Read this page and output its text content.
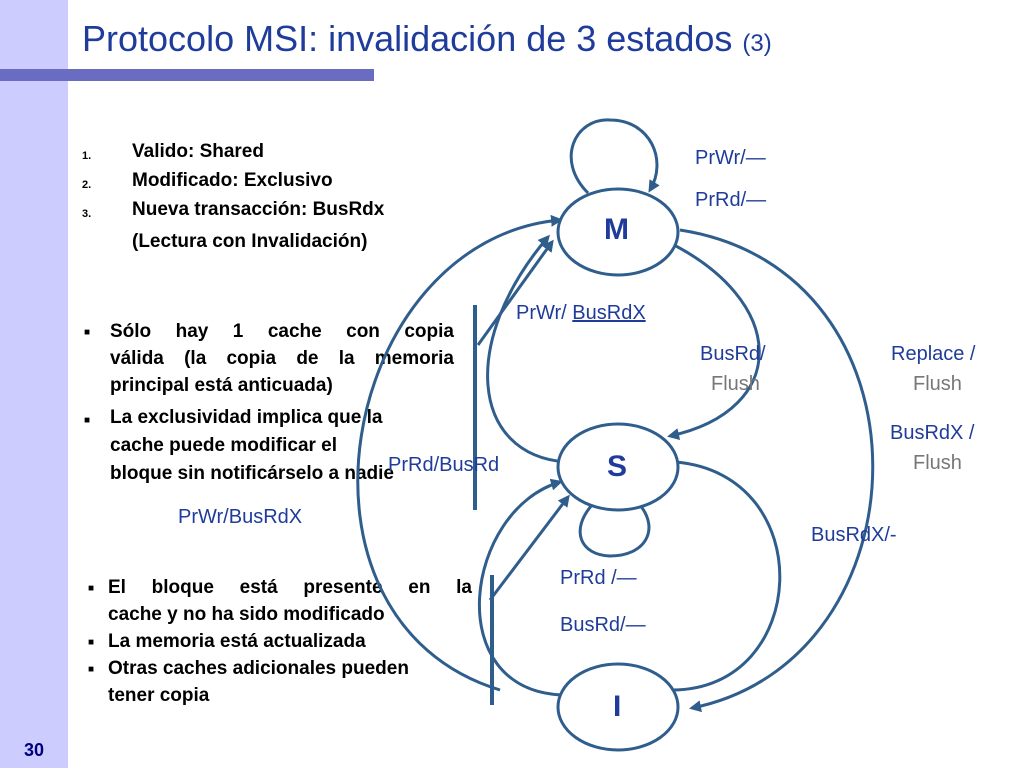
30
Protocolo MSI: invalidación de 3 estados (3)
1. Valido: Shared
2. Modificado: Exclusivo
3. Nueva transacción: BusRdx
(Lectura con Invalidación)
■ Sólo hay 1 cache con copia
válida (la copia de la memoria
principal está anticuada)
■ La exclusividad implica que la
cache puede modificar el
bloque sin notificárselo a nadie
■ El bloque está presente en la
cache y no ha sido modificado
■ La memoria está actualizada
■ Otras caches adicionales pueden
tener copia
M
S
I
PrWr/—
PrRd/—
PrWr/ BusRdX
BusRd/
Flush
Replace /
Flush
BusRdX /
Flush
BusRdX/-
PrRd/BusRd
PrWr/BusRdX
PrRd /—
BusRd/—
